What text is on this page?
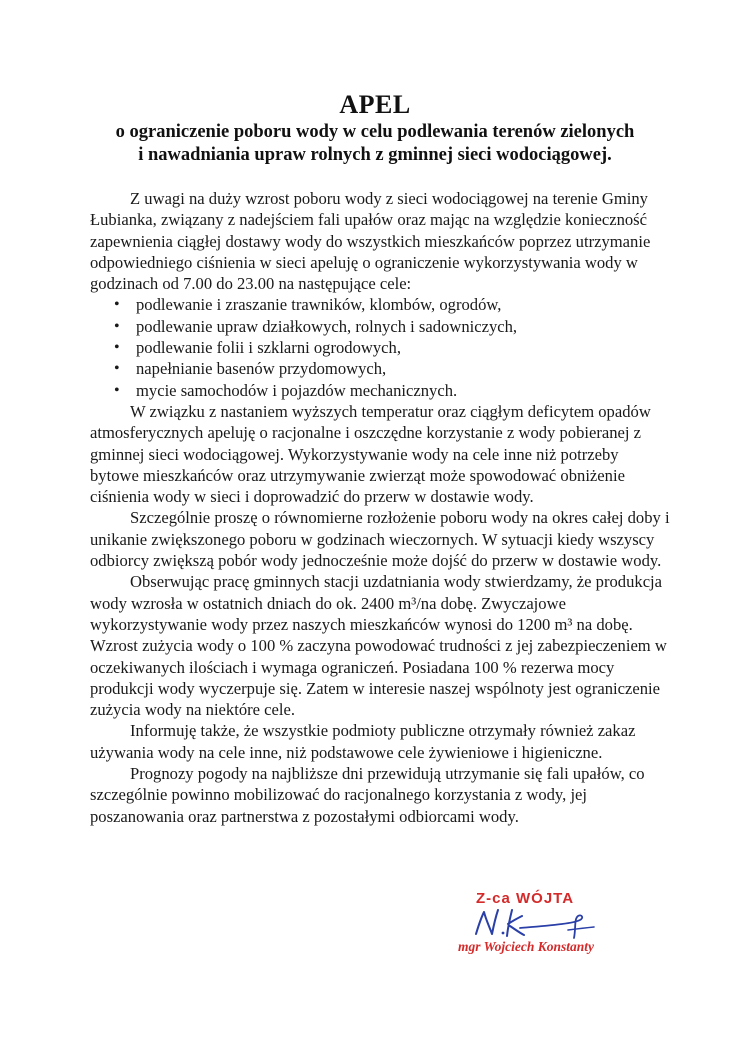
APEL
o ograniczenie poboru wody w celu podlewania terenów zielonych
i nawadniania upraw rolnych z gminnej sieci wodociągowej.

Z uwagi na duży wzrost poboru wody z sieci wodociągowej na terenie Gminy Łubianka, związany z nadejściem fali upałów oraz mając na względzie konieczność zapewnienia ciągłej dostawy wody do wszystkich mieszkańców poprzez utrzymanie odpowiedniego ciśnienia w sieci apeluję o ograniczenie wykorzystywania wody w godzinach od 7.00 do 23.00 na następujące cele:

• podlewanie i zraszanie trawników, klombów, ogrodów,
• podlewanie upraw działkowych, rolnych i sadowniczych,
• podlewanie folii i szklarni ogrodowych,
• napełnianie basenów przydomowych,
• mycie samochodów i pojazdów mechanicznych.

W związku z nastaniem wyższych temperatur oraz ciągłym deficytem opadów atmosferycznych apeluję o racjonalne i oszczędne korzystanie z wody pobieranej z gminnej sieci wodociągowej. Wykorzystywanie wody na cele inne niż potrzeby bytowe mieszkańców oraz utrzymywanie zwierząt może spowodować obniżenie ciśnienia wody w sieci i doprowadzić do przerw w dostawie wody.

Szczególnie proszę o równomierne rozłożenie poboru wody na okres całej doby i unikanie zwiększonego poboru w godzinach wieczornych. W sytuacji kiedy wszyscy odbiorcy zwiększą pobór wody jednocześnie może dojść do przerw w dostawie wody.

Obserwując pracę gminnych stacji uzdatniania wody stwierdzamy, że produkcja wody wzrosła w ostatnich dniach do ok. 2400 m³/na dobę. Zwyczajowe wykorzystywanie wody przez naszych mieszkańców wynosi do 1200 m³ na dobę. Wzrost zużycia wody o 100 % zaczyna powodować trudności z jej zabezpieczeniem w oczekiwanych ilościach i wymaga ograniczeń. Posiadana 100 % rezerwa mocy produkcji wody wyczerpuje się. Zatem w interesie naszej wspólnoty jest ograniczenie zużycia wody na niektóre cele.

Informuję także, że wszystkie podmioty publiczne otrzymały również zakaz używania wody na cele inne, niż podstawowe cele żywieniowe i higieniczne.

Prognozy pogody na najbliższe dni przewidują utrzymanie się fali upałów, co szczególnie powinno mobilizować do racjonalnego korzystania z wody, jej poszanowania oraz partnerstwa z pozostałymi odbiorcami wody.

Z-ca WÓJTA
mgr Wojciech Konstanty
